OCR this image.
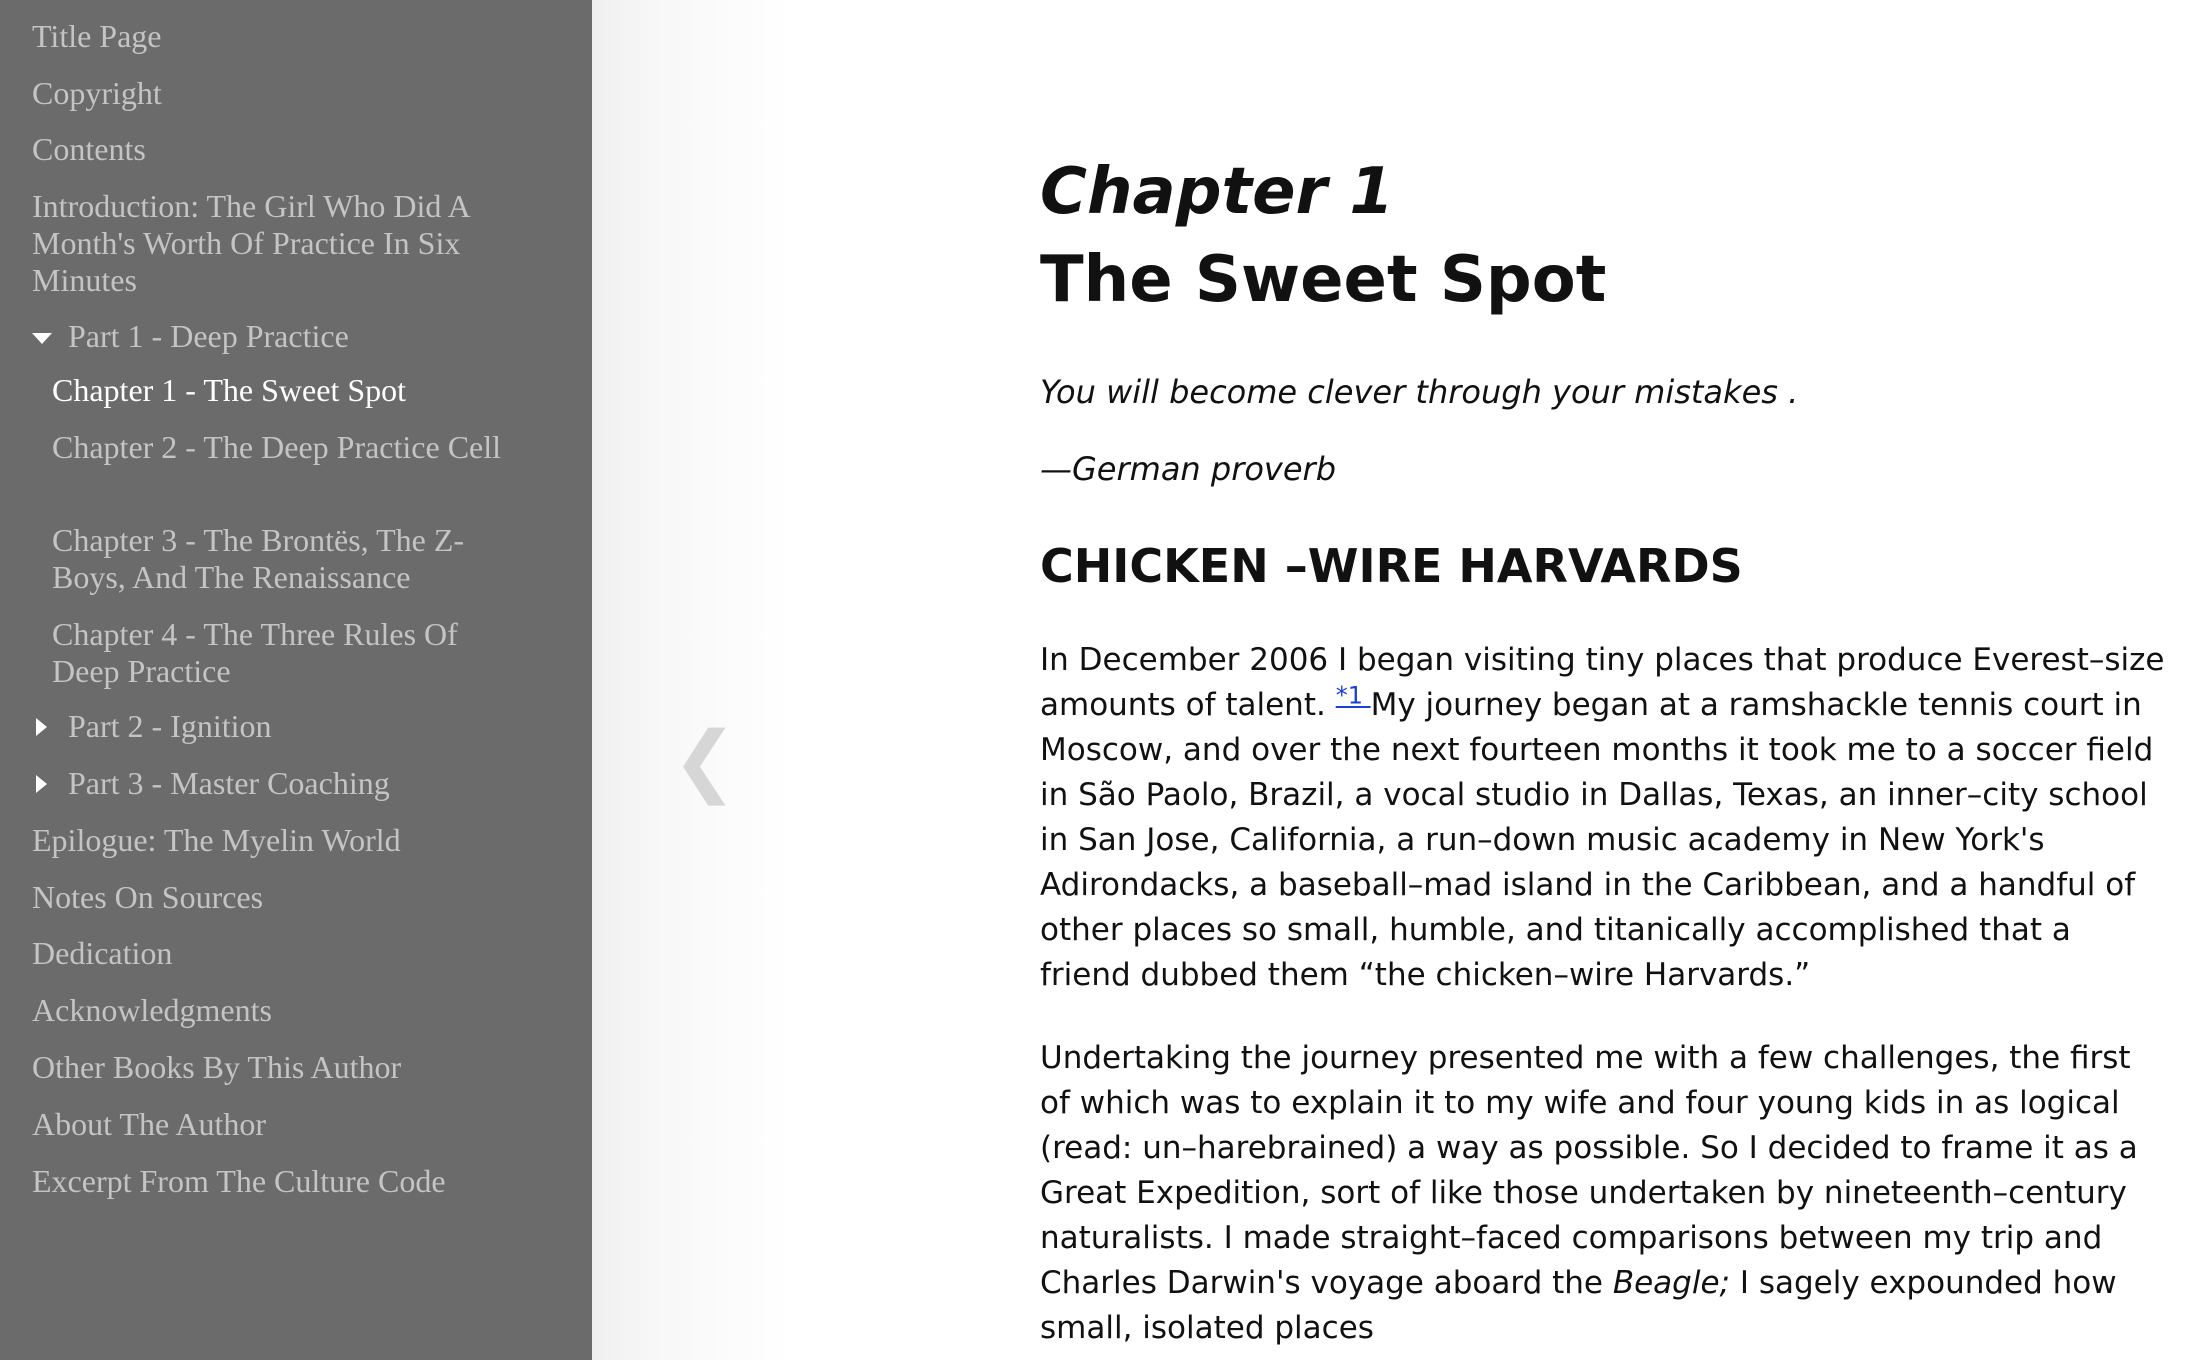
Title Page
Copyright
Contents
Introduction: The Girl Who Did A Month's Worth Of Practice In Six Minutes
Part 1 - Deep Practice
Chapter 1 - The Sweet Spot
Chapter 2 - The Deep Practice Cell
Chapter 3 - The Brontës, The Z-Boys, And The Renaissance
Chapter 4 - The Three Rules Of Deep Practice
Part 2 - Ignition
Part 3 - Master Coaching
Epilogue: The Myelin World
Notes On Sources
Dedication
Acknowledgments
Other Books By This Author
About The Author
Excerpt From The Culture Code
❮
Chapter 1
The Sweet Spot

You will become clever through your mistakes .

—German proverb

CHICKEN –WIRE HARVARDS

In December 2006 I began visiting tiny places that produce Everest–size amounts of talent. $^{*1}$ My journey began at a ramshackle tennis court in Moscow, and over the next fourteen months it took me to a soccer field in São Paolo, Brazil, a vocal studio in Dallas, Texas, an inner–city school in San Jose, California, a run–down music academy in New York's Adirondacks, a baseball–mad island in the Caribbean, and a handful of other places so small, humble, and titanically accomplished that a friend dubbed them “the chicken–wire Harvards.”

Undertaking the journey presented me with a few challenges, the first of which was to explain it to my wife and four young kids in as logical (read: un–harebrained) a way as possible. So I decided to frame it as a Great Expedition, sort of like those undertaken by nineteenth–century naturalists. I made straight–faced comparisons between my trip and Charles Darwin's voyage aboard the Beagle; I sagely expounded how small, isolated places
